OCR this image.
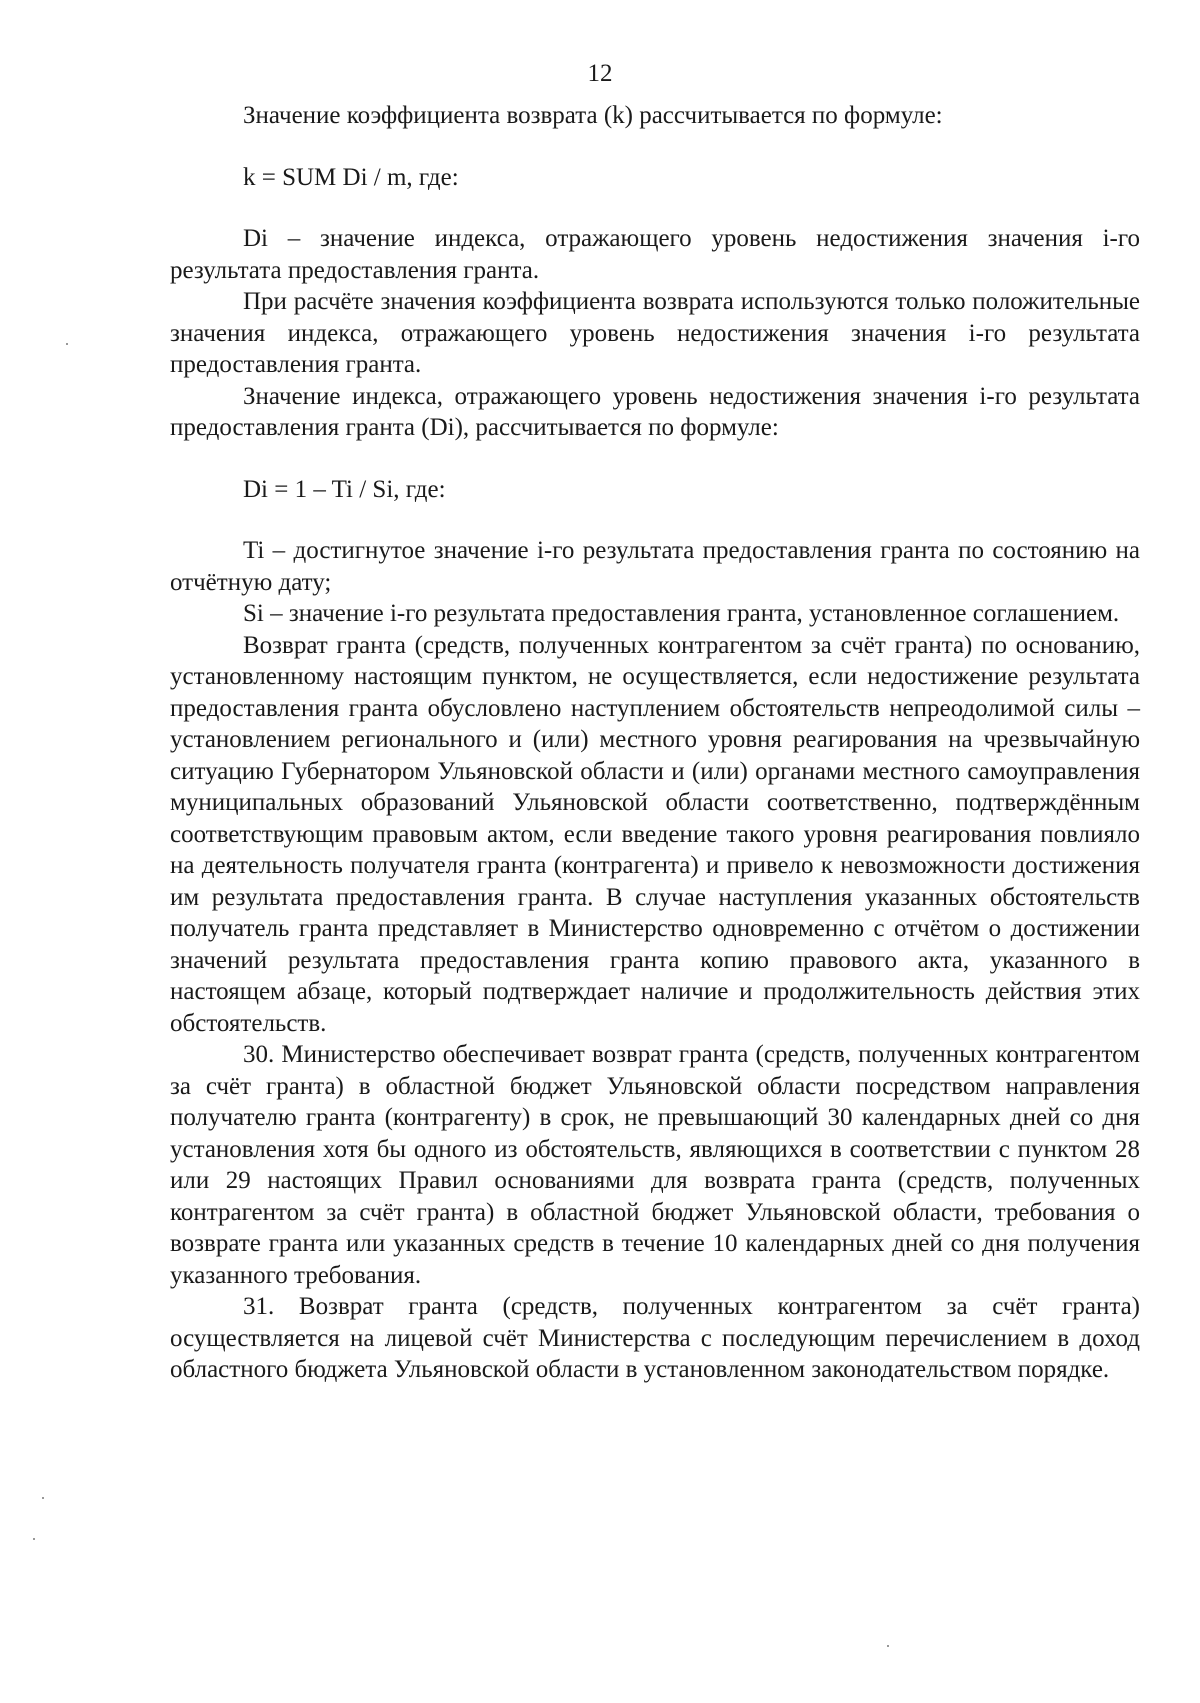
12

Значение коэффициента возврата (k) рассчитывается по формуле:

k = SUM Di / m, где:

Di – значение индекса, отражающего уровень недостижения значения i-го результата предоставления гранта.

При расчёте значения коэффициента возврата используются только положительные значения индекса, отражающего уровень недостижения значения i-го результата предоставления гранта.

Значение индекса, отражающего уровень недостижения значения i-го результата предоставления гранта (Di), рассчитывается по формуле:

Di = 1 – Ti / Si, где:

Ti – достигнутое значение i-го результата предоставления гранта по состоянию на отчётную дату;

Si – значение i-го результата предоставления гранта, установленное соглашением.

Возврат гранта (средств, полученных контрагентом за счёт гранта) по основанию, установленному настоящим пунктом, не осуществляется, если недостижение результата предоставления гранта обусловлено наступлением обстоятельств непреодолимой силы – установлением регионального и (или) местного уровня реагирования на чрезвычайную ситуацию Губернатором Ульяновской области и (или) органами местного самоуправления муниципальных образований Ульяновской области соответственно, подтверждённым соответствующим правовым актом, если введение такого уровня реагирования повлияло на деятельность получателя гранта (контрагента) и привело к невозможности достижения им результата предоставления гранта. В случае наступления указанных обстоятельств получатель гранта представляет в Министерство одновременно с отчётом о достижении значений результата предоставления гранта копию правового акта, указанного в настоящем абзаце, который подтверждает наличие и продолжительность действия этих обстоятельств.

30. Министерство обеспечивает возврат гранта (средств, полученных контрагентом за счёт гранта) в областной бюджет Ульяновской области посредством направления получателю гранта (контрагенту) в срок, не превышающий 30 календарных дней со дня установления хотя бы одного из обстоятельств, являющихся в соответствии с пунктом 28 или 29 настоящих Правил основаниями для возврата гранта (средств, полученных контрагентом за счёт гранта) в областной бюджет Ульяновской области, требования о возврате гранта или указанных средств в течение 10 календарных дней со дня получения указанного требования.

31. Возврат гранта (средств, полученных контрагентом за счёт гранта) осуществляется на лицевой счёт Министерства с последующим перечислением в доход областного бюджета Ульяновской области в установленном законодательством порядке.
